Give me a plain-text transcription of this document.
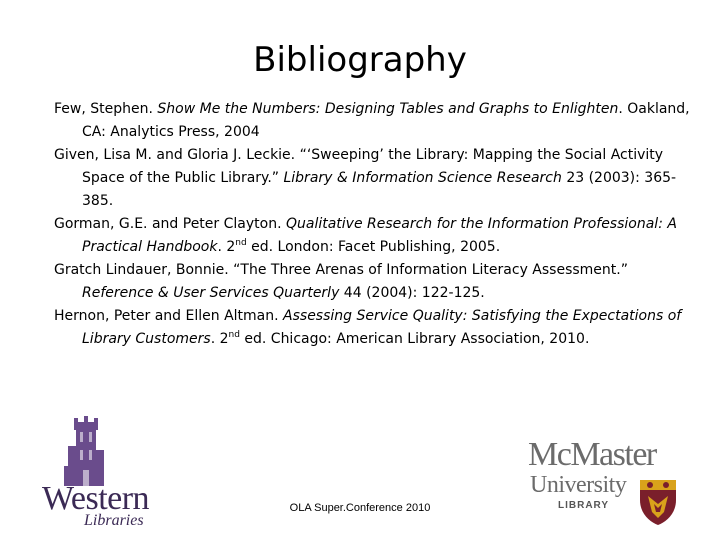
Bibliography

Few, Stephen. Show Me the Numbers: Designing Tables and Graphs to Enlighten. Oakland, CA: Analytics Press, 2004

Given, Lisa M. and Gloria J. Leckie. “‘Sweeping’ the Library: Mapping the Social Activity Space of the Public Library.” Library & Information Science Research 23 (2003): 365-385.

Gorman, G.E. and Peter Clayton. Qualitative Research for the Information Professional: A Practical Handbook. 2nd ed. London: Facet Publishing, 2005.

Gratch Lindauer, Bonnie. “The Three Arenas of Information Literacy Assessment.” Reference & User Services Quarterly 44 (2004): 122-125.

Hernon, Peter and Ellen Altman. Assessing Service Quality: Satisfying the Expectations of Library Customers. 2nd ed. Chicago: American Library Association, 2010.

Western
Libraries
OLA Super.Conference 2010
McMaster
University
LIBRARY
